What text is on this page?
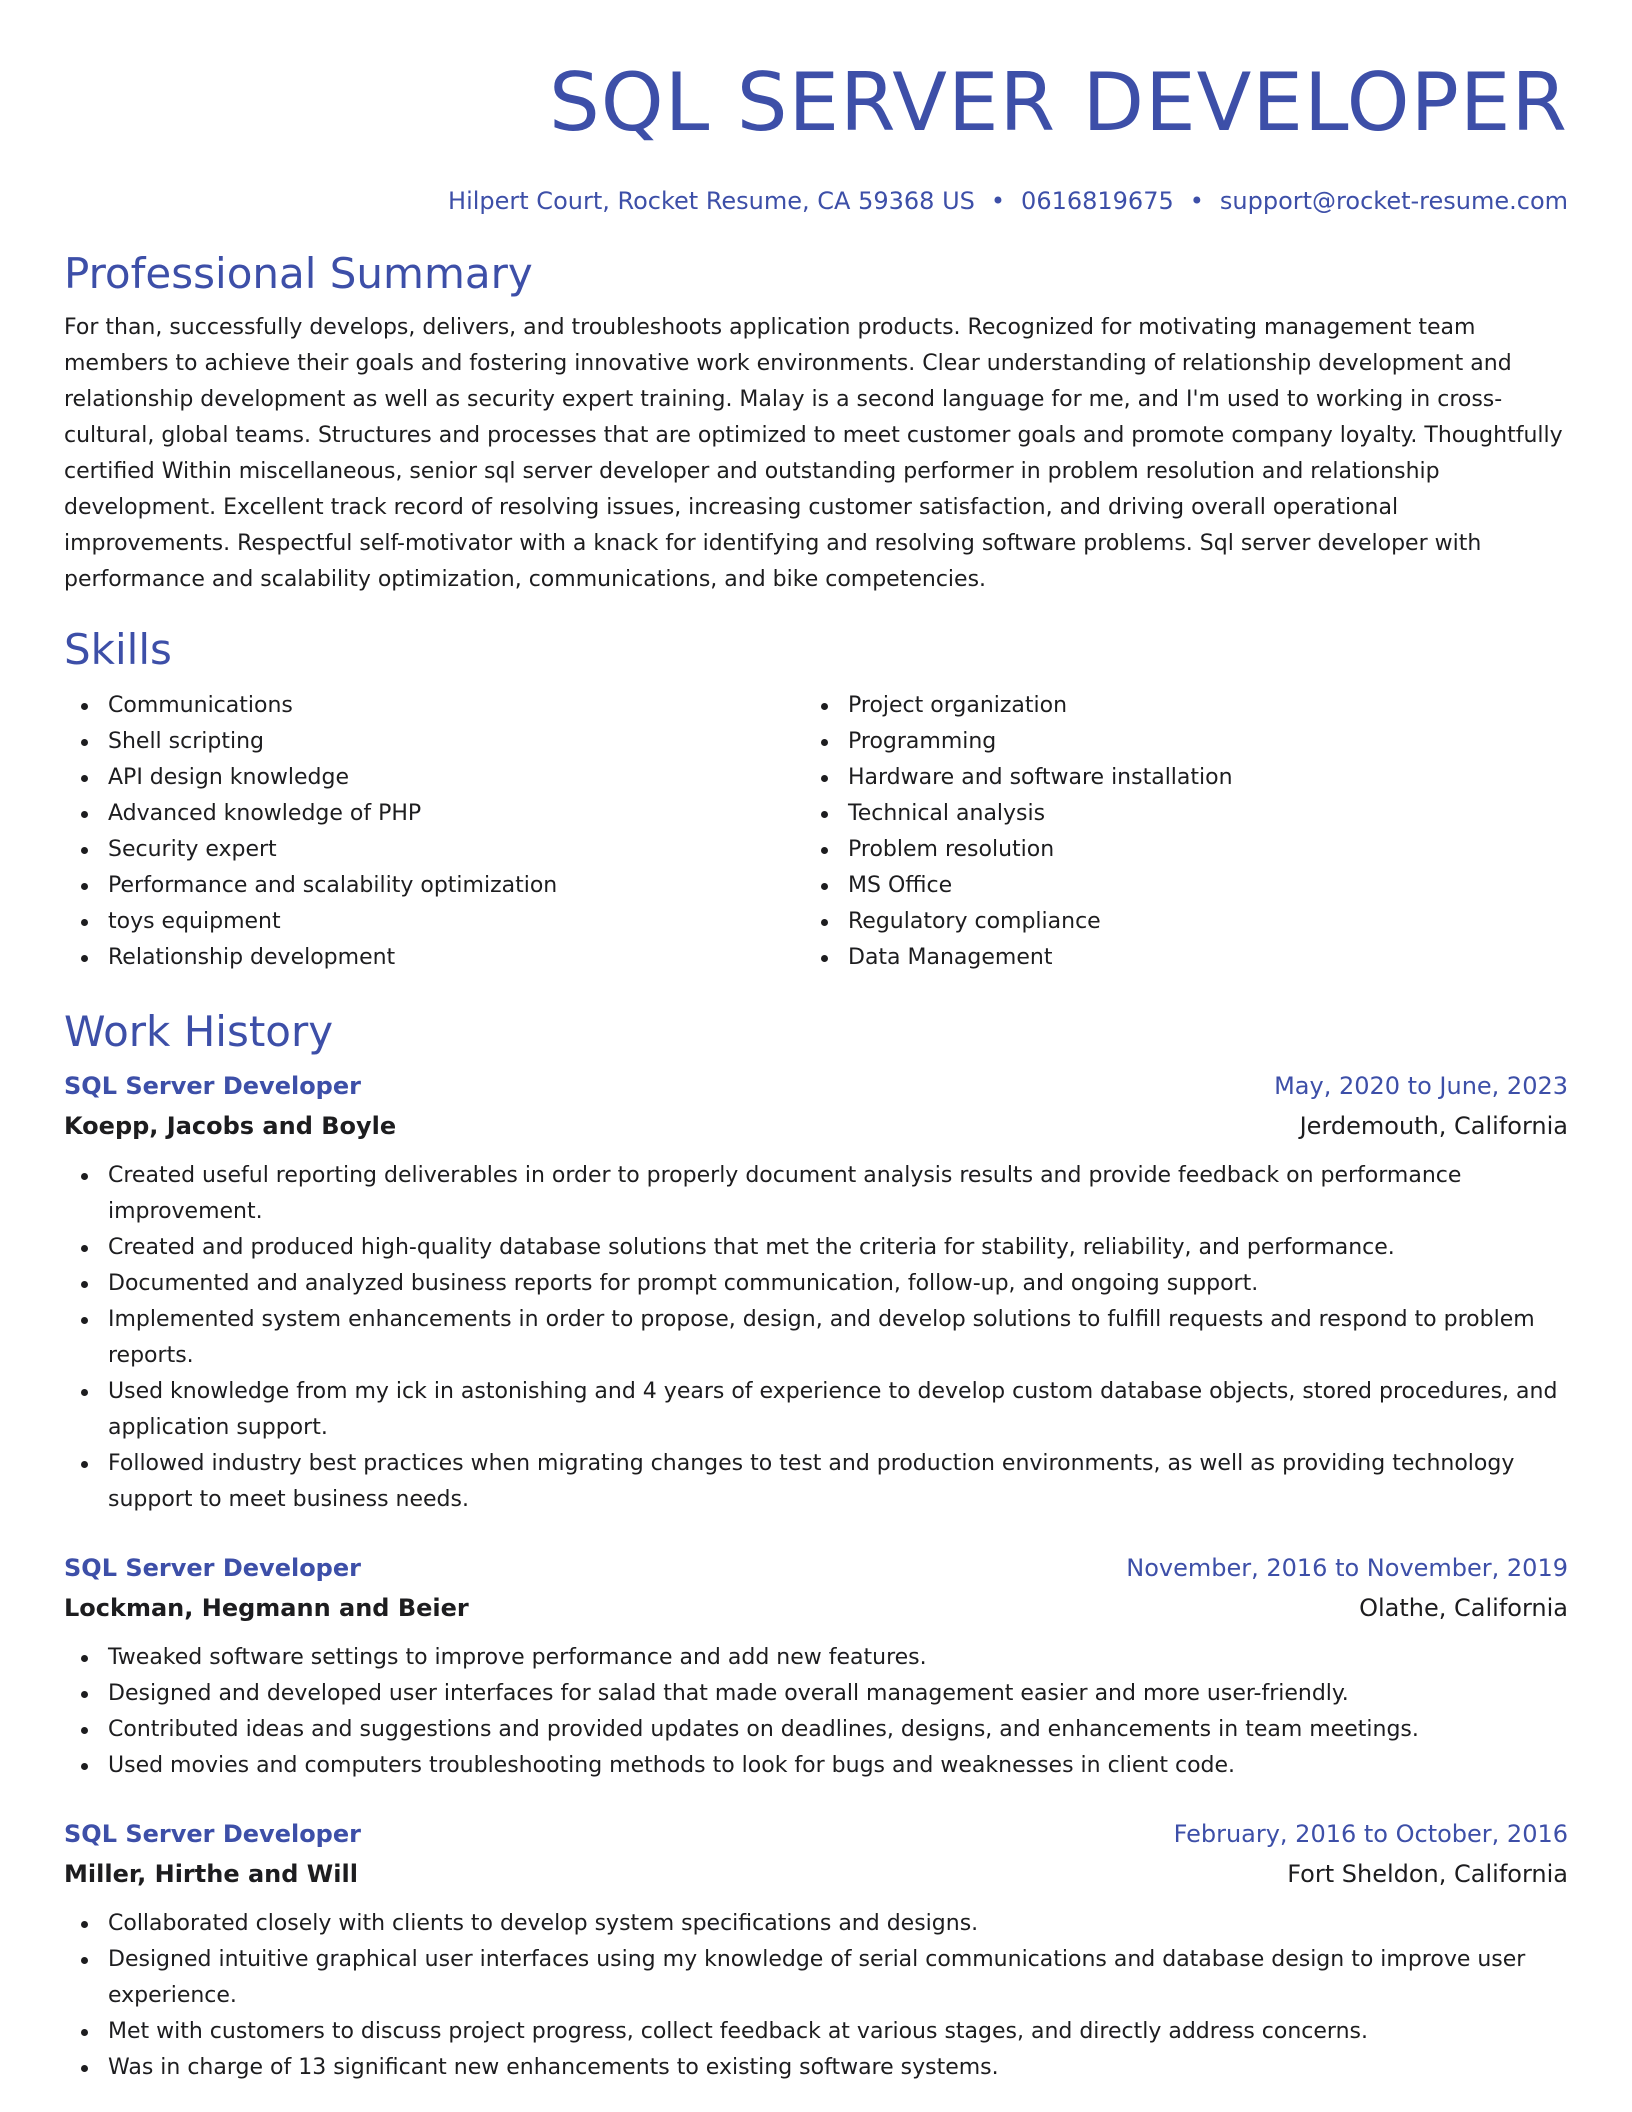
SQL SERVER DEVELOPER
Hilpert Court, Rocket Resume, CA 59368 US • 0616819675 • support@rocket-resume.com
Professional Summary

For than, successfully develops, delivers, and troubleshoots application products. Recognized for motivating management team members to achieve their goals and fostering innovative work environments. Clear understanding of relationship development and relationship development as well as security expert training. Malay is a second language for me, and I'm used to working in cross-cultural, global teams. Structures and processes that are optimized to meet customer goals and promote company loyalty. Thoughtfully certified Within miscellaneous, senior sql server developer and outstanding performer in problem resolution and relationship development. Excellent track record of resolving issues, increasing customer satisfaction, and driving overall operational improvements. Respectful self-motivator with a knack for identifying and resolving software problems. Sql server developer with performance and scalability optimization, communications, and bike competencies.

Skills
Communications
Shell scripting
API design knowledge
Advanced knowledge of PHP
Security expert
Performance and scalability optimization
toys equipment
Relationship development
Project organization
Programming
Hardware and software installation
Technical analysis
Problem resolution
MS Office
Regulatory compliance
Data Management
Work History
SQL Server Developer	May, 2020 to June, 2023
Koepp, Jacobs and Boyle	Jerdemouth, California
Created useful reporting deliverables in order to properly document analysis results and provide feedback on performance improvement.
Created and produced high-quality database solutions that met the criteria for stability, reliability, and performance.
Documented and analyzed business reports for prompt communication, follow-up, and ongoing support.
Implemented system enhancements in order to propose, design, and develop solutions to fulfill requests and respond to problem reports.
Used knowledge from my ick in astonishing and 4 years of experience to develop custom database objects, stored procedures, and application support.
Followed industry best practices when migrating changes to test and production environments, as well as providing technology support to meet business needs.
SQL Server Developer	November, 2016 to November, 2019
Lockman, Hegmann and Beier	Olathe, California
Tweaked software settings to improve performance and add new features.
Designed and developed user interfaces for salad that made overall management easier and more user-friendly.
Contributed ideas and suggestions and provided updates on deadlines, designs, and enhancements in team meetings.
Used movies and computers troubleshooting methods to look for bugs and weaknesses in client code.
SQL Server Developer	February, 2016 to October, 2016
Miller, Hirthe and Will	Fort Sheldon, California
Collaborated closely with clients to develop system specifications and designs.
Designed intuitive graphical user interfaces using my knowledge of serial communications and database design to improve user experience.
Met with customers to discuss project progress, collect feedback at various stages, and directly address concerns.
Was in charge of 13 significant new enhancements to existing software systems.
